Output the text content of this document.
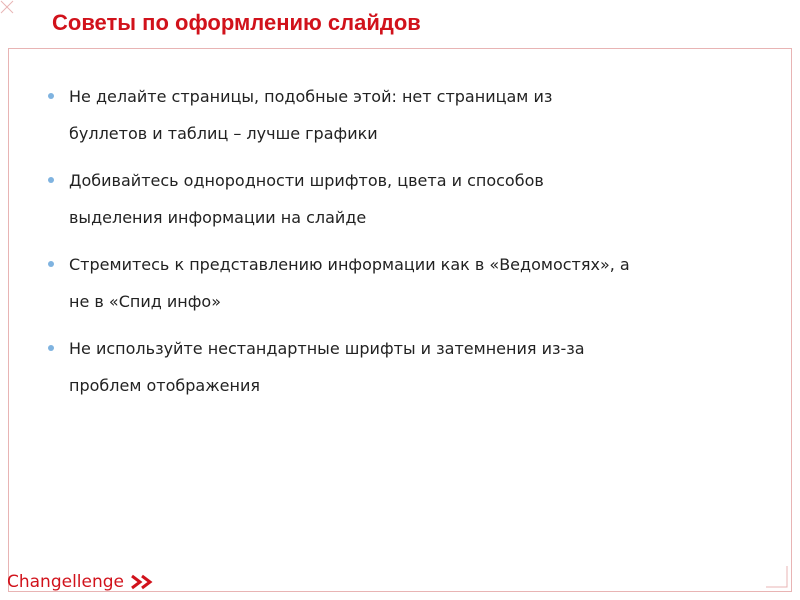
Советы по оформлению слайдов
Не делайте страницы, подобные этой: нет страницам из
буллетов и таблиц – лучше графики
Добивайтесь однородности шрифтов, цвета и способов
выделения информации на слайде
Стремитесь к представлению информации как в «Ведомостях», а
не в «Спид инфо»
Не используйте нестандартные шрифты и затемнения из-за
проблем отображения
Changellenge
